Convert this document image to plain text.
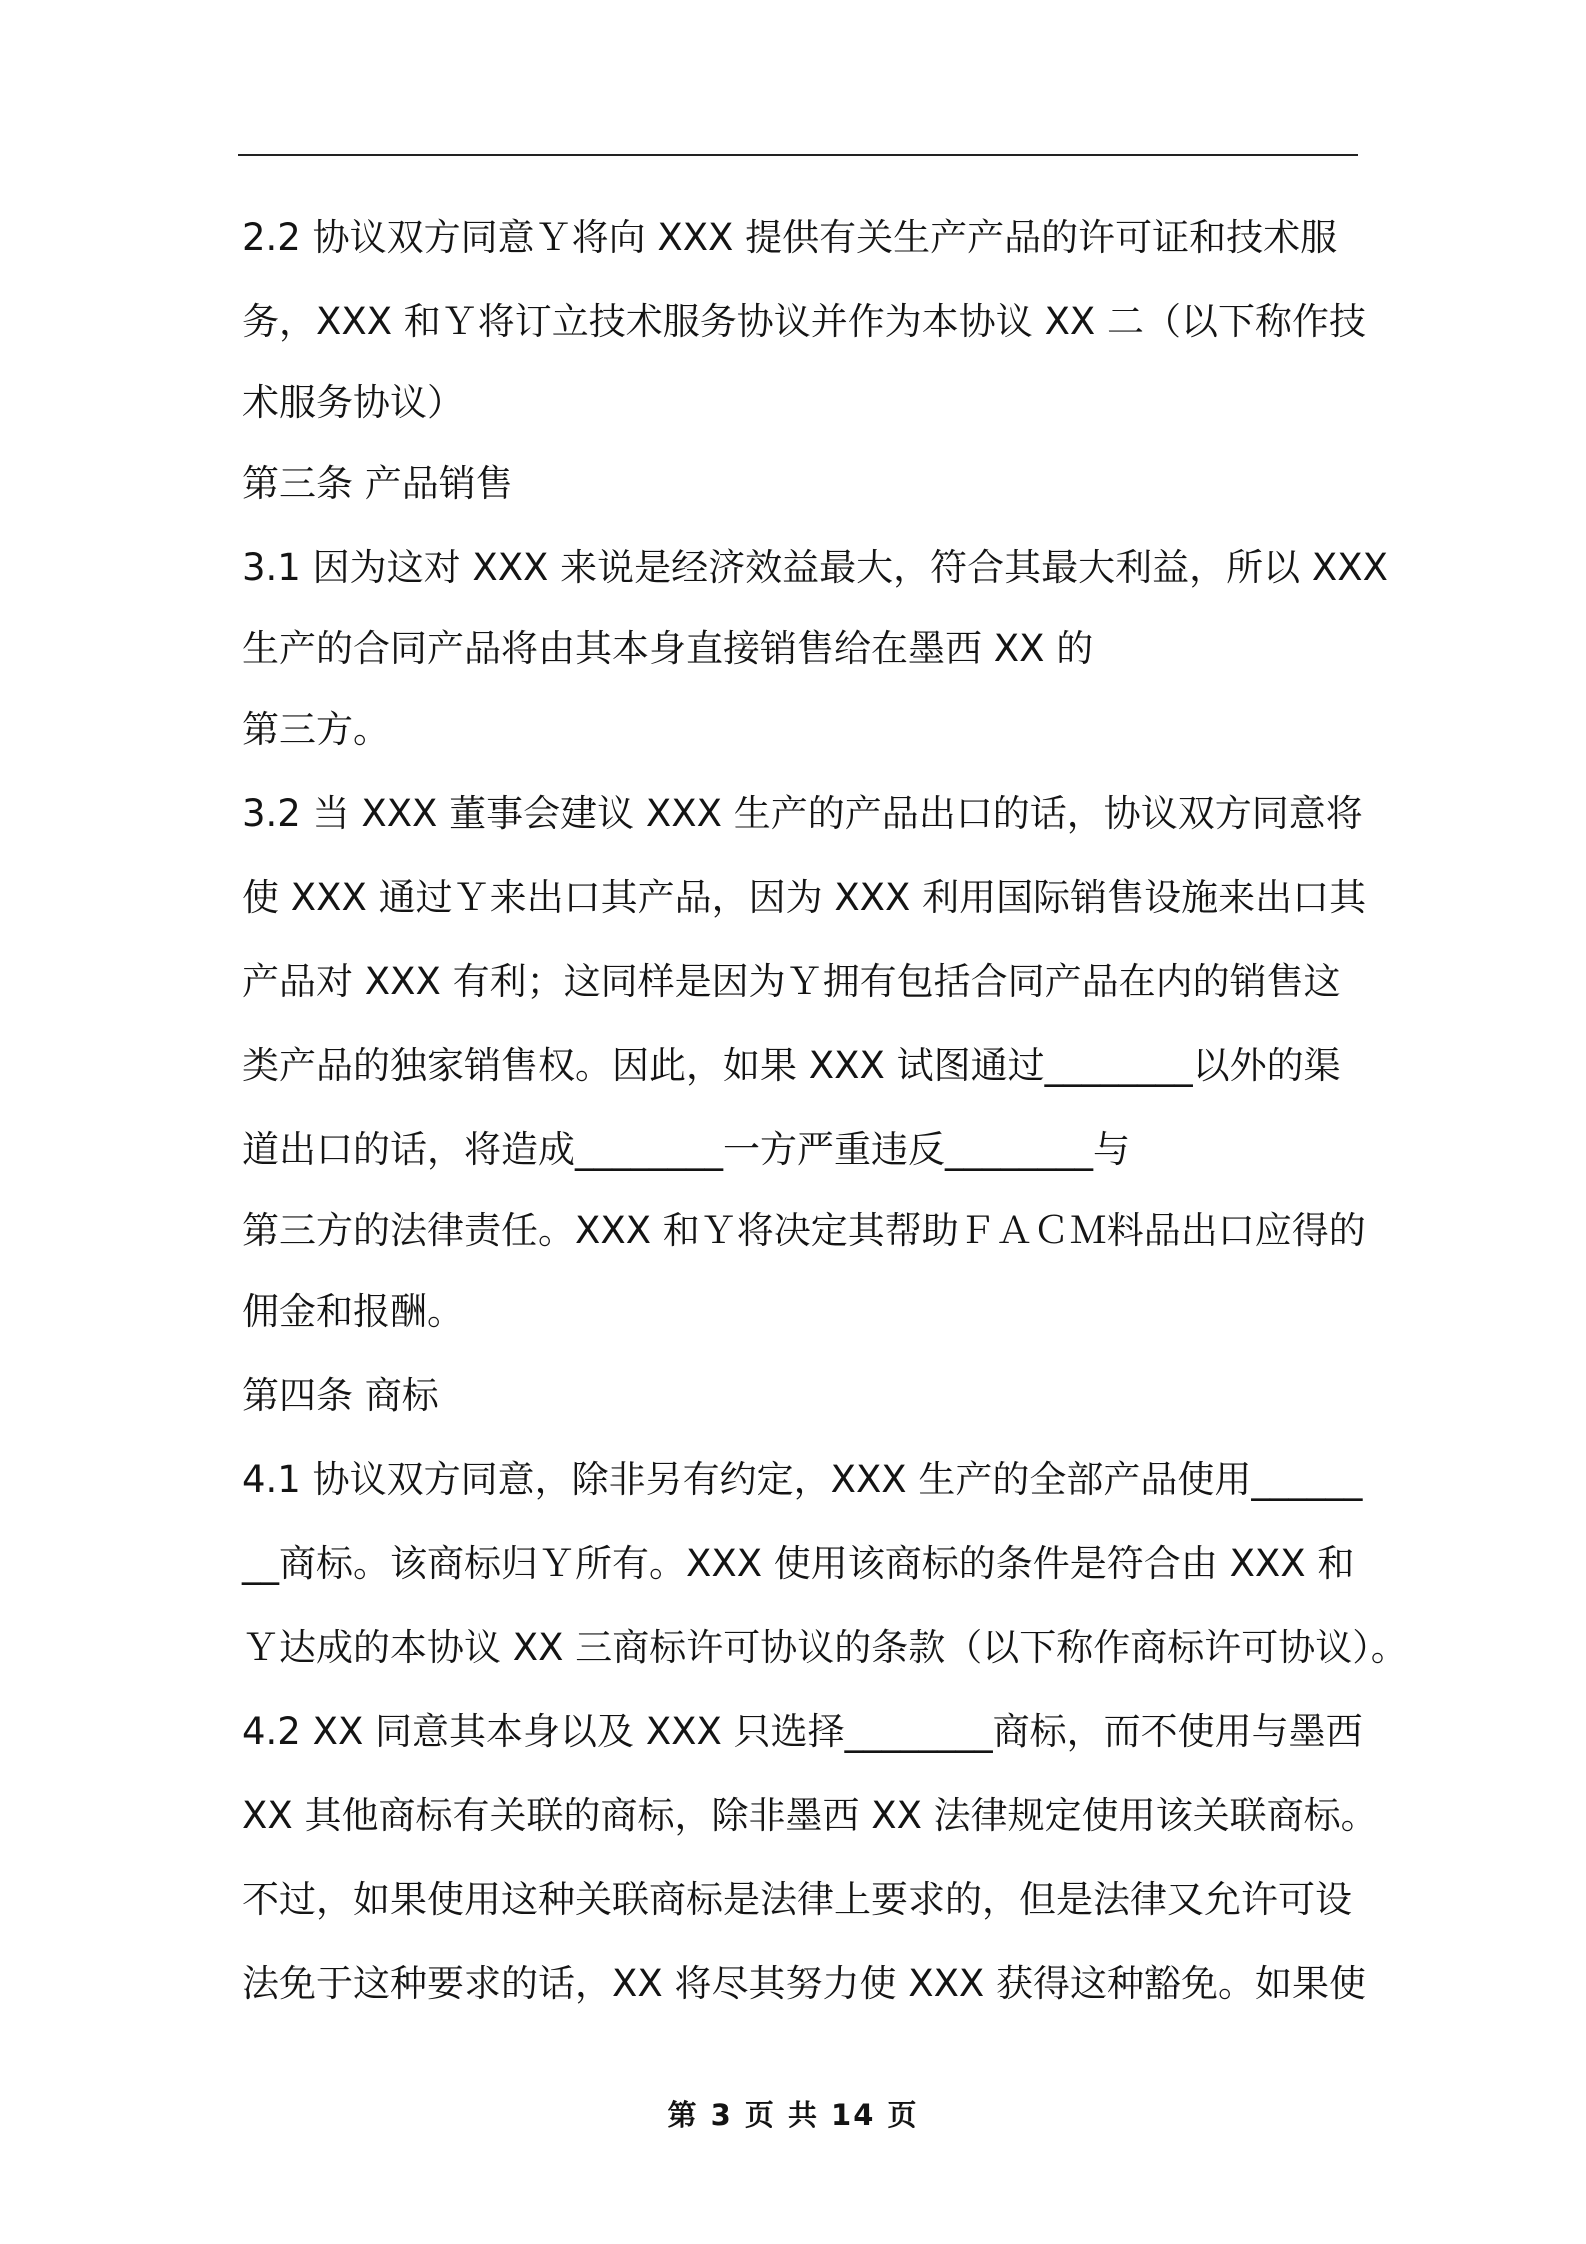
2.2 协议双方同意Ｙ将向 XXX 提供有关生产产品的许可证和技术服

务，XXX 和Ｙ将订立技术服务协议并作为本协议 XX 二（以下称作技

术服务协议）

第三条 产品销售

3.1 因为这对 XXX 来说是经济效益最大，符合其最大利益，所以 XXX

生产的合同产品将由其本身直接销售给在墨西 XX 的

第三方。

3.2 当 XXX 董事会建议 XXX 生产的产品出口的话，协议双方同意将

使 XXX 通过Ｙ来出口其产品，因为 XXX 利用国际销售设施来出口其

产品对 XXX 有利；这同样是因为Ｙ拥有包括合同产品在内的销售这

类产品的独家销售权。因此，如果 XXX 试图通过________以外的渠

道出口的话，将造成________一方严重违反________与

第三方的法律责任。XXX 和Ｙ将决定其帮助ＦＡＣＭ料品出口应得的

佣金和报酬。

第四条 商标

4.1 协议双方同意，除非另有约定，XXX 生产的全部产品使用______

__商标。该商标归Ｙ所有。XXX 使用该商标的条件是符合由 XXX 和

Ｙ达成的本协议 XX 三商标许可协议的条款（以下称作商标许可协议）。

4.2 XX 同意其本身以及 XXX 只选择________商标，而不使用与墨西

XX 其他商标有关联的商标，除非墨西 XX 法律规定使用该关联商标。

不过，如果使用这种关联商标是法律上要求的，但是法律又允许可设

法免于这种要求的话，XX 将尽其努力使 XXX 获得这种豁免。如果使

第 3 页 共 14 页
